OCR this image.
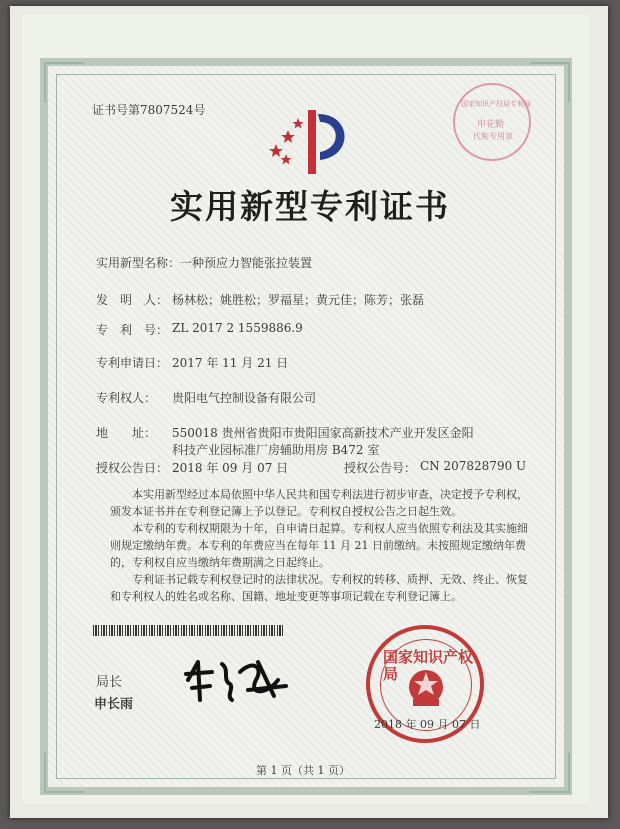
证书号第7807524号	国家知识产权局专利局
申花勤
代和专用章
实用新型专利证书
实用新型名称： 一种预应力智能张拉装置
发　明　人： 杨林松；姚胜松；罗福星；黄元佳；陈芳；张磊
专　利　号： ZL 2017 2 1559886.9
专利申请日： 2017 年 11 月 21 日
专利权人： 贵阳电气控制设备有限公司
地　　址： 550018 贵州省贵阳市贵阳国家高新技术产业开发区金阳
科技产业园标准厂房辅助用房 B472 室
授权公告日： 2018 年 09 月 07 日	授权公告号： CN 207828790 U
本实用新型经过本局依照中华人民共和国专利法进行初步审查，决定授予专利权，颁发本证书并在专利登记簿上予以登记。专利权自授权公告之日起生效。
本专利的专利权期限为十年，自申请日起算。专利权人应当依照专利法及其实施细则规定缴纳年费。本专利的年费应当在每年 11 月 21 日前缴纳。未按照规定缴纳年费的，专利权自应当缴纳年费期满之日起终止。
专利证书记载专利权登记时的法律状况。专利权的转移、质押、无效、终止、恢复和专利权人的姓名或名称、国籍、地址变更等事项记载在专利登记簿上。
局长
申长雨
国家知识产权局
2018 年 09 月 07 日
第 1 页（共 1 页）
